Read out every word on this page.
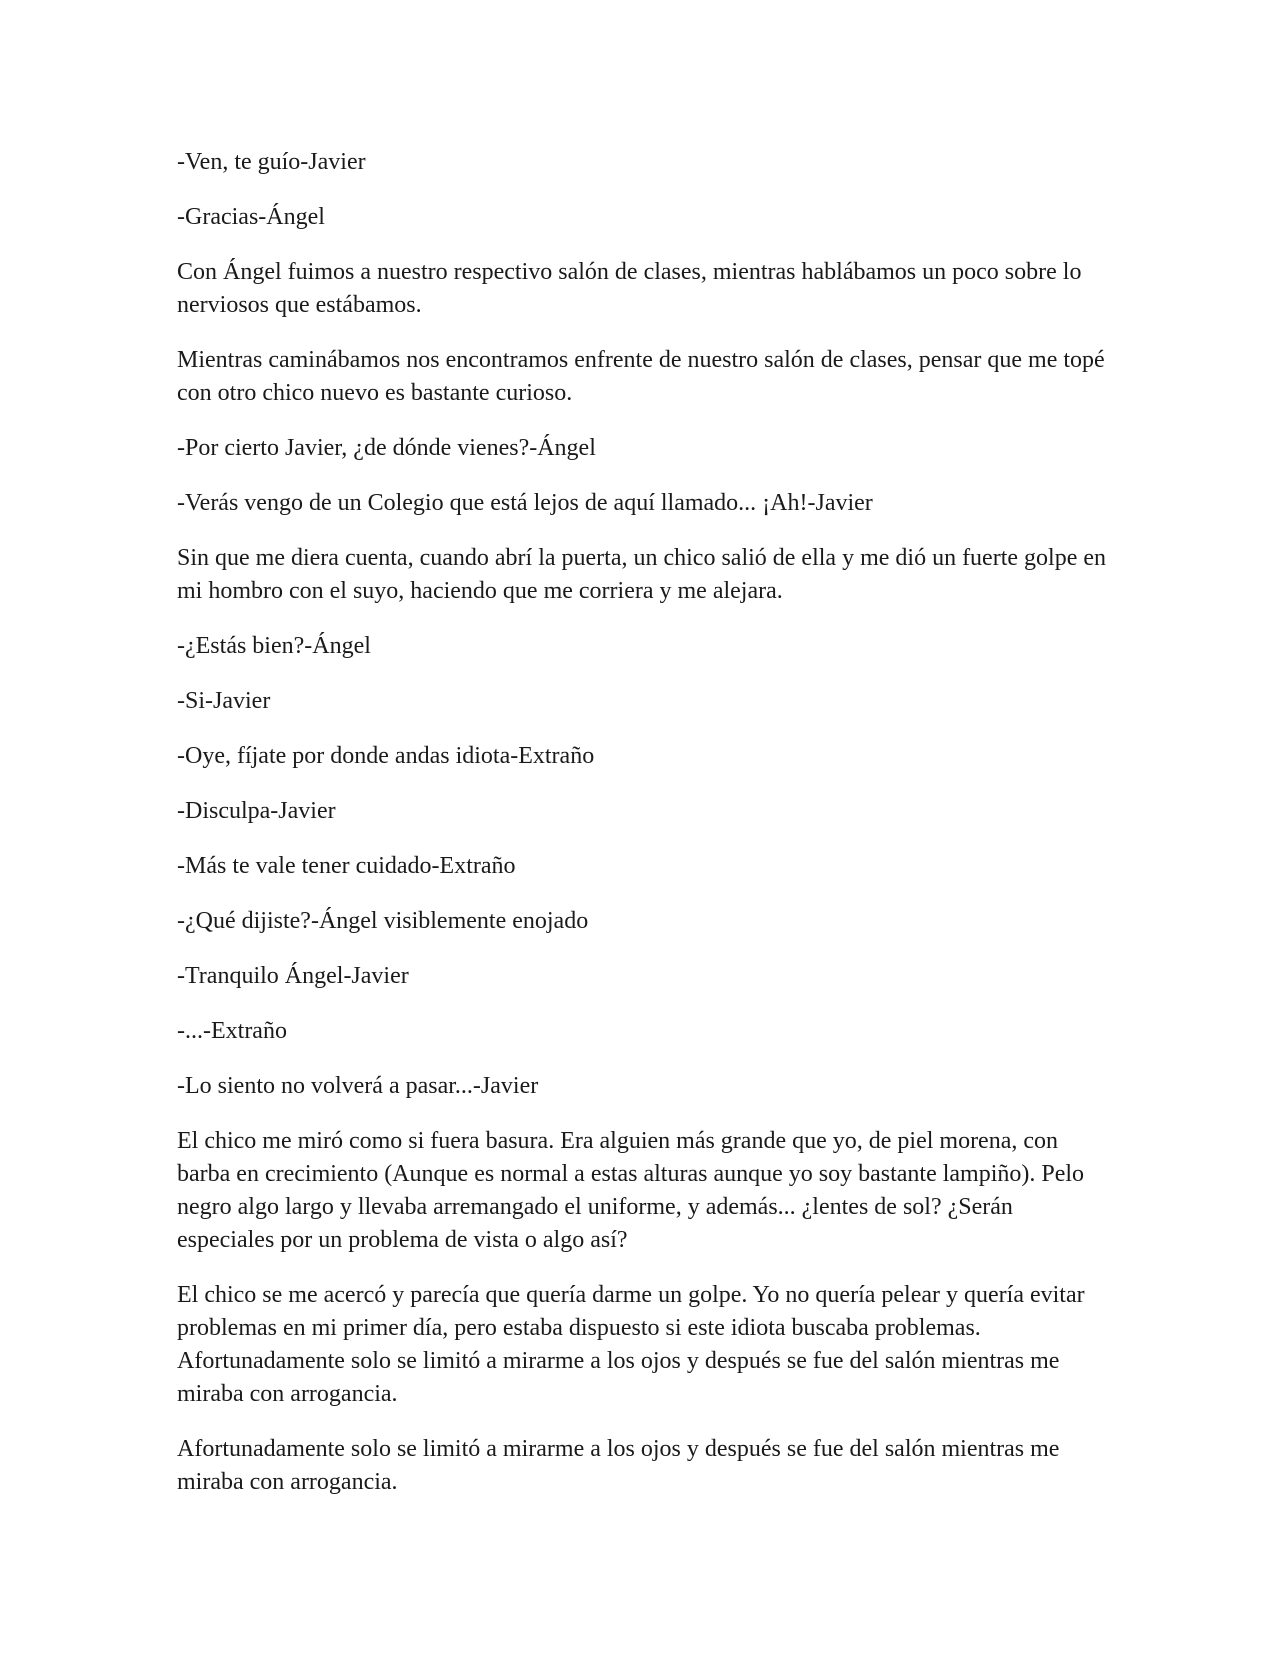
-Ven, te guío-Javier

-Gracias-Ángel

Con Ángel fuimos a nuestro respectivo salón de clases, mientras hablábamos un poco sobre lo nerviosos que estábamos.

Mientras caminábamos nos encontramos enfrente de nuestro salón de clases, pensar que me topé con otro chico nuevo es bastante curioso.

-Por cierto Javier, ¿de dónde vienes?-Ángel

-Verás vengo de un Colegio que está lejos de aquí llamado... ¡Ah!-Javier

Sin que me diera cuenta, cuando abrí la puerta, un chico salió de ella y me dió un fuerte golpe en mi hombro con el suyo, haciendo que me corriera y me alejara.

-¿Estás bien?-Ángel

-Si-Javier

-Oye, fíjate por donde andas idiota-Extraño

-Disculpa-Javier

-Más te vale tener cuidado-Extraño

-¿Qué dijiste?-Ángel visiblemente enojado

-Tranquilo Ángel-Javier

-...-Extraño

-Lo siento no volverá a pasar...-Javier

El chico me miró como si fuera basura. Era alguien más grande que yo, de piel morena, con barba en crecimiento (Aunque es normal a estas alturas aunque yo soy bastante lampiño). Pelo negro algo largo y llevaba arremangado el uniforme, y además... ¿lentes de sol? ¿Serán especiales por un problema de vista o algo así?

El chico se me acercó y parecía que quería darme un golpe. Yo no quería pelear y quería evitar problemas en mi primer día, pero estaba dispuesto si este idiota buscaba problemas. Afortunadamente solo se limitó a mirarme a los ojos y después se fue del salón mientras me miraba con arrogancia.

Afortunadamente solo se limitó a mirarme a los ojos y después se fue del salón mientras me miraba con arrogancia.
